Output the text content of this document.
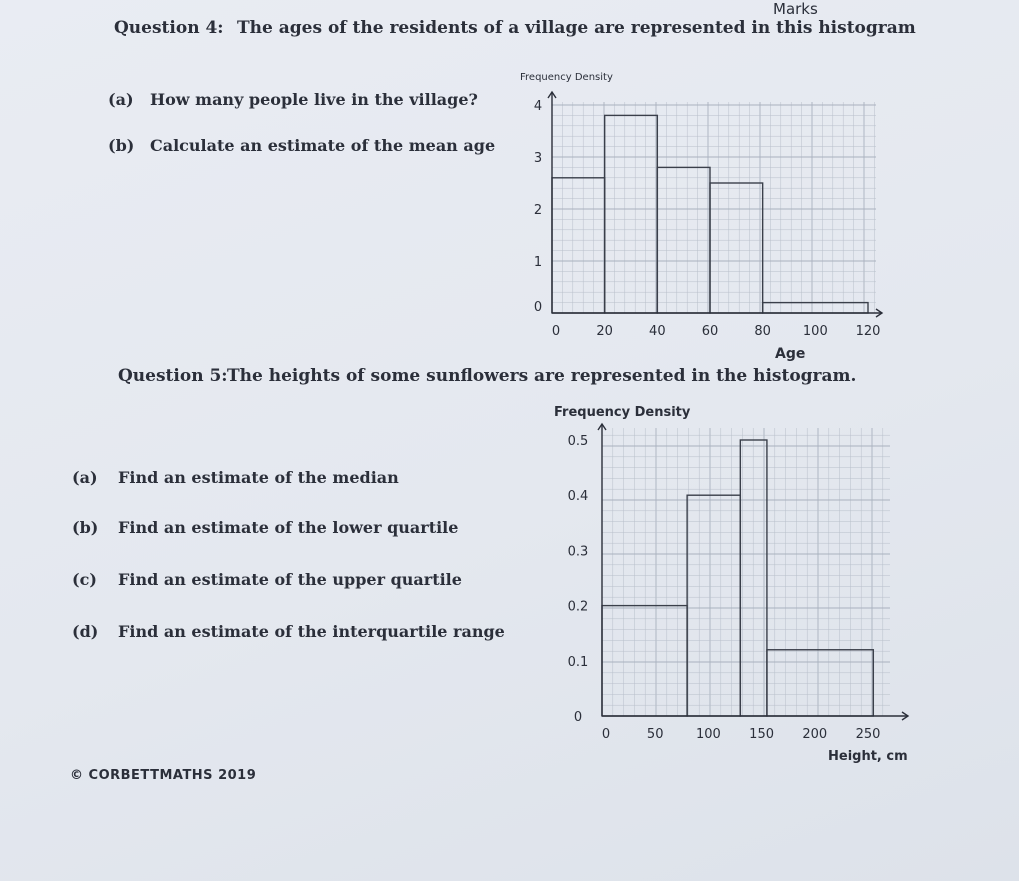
Marks
Question 4: The ages of the residents of a village are represented in this histogram
(a) How many people live in the village?
(b) Calculate an estimate of the mean age
0	20	40	60	80 100 120
0
1
2
3
4
Frequency Density
Age
Question 5: The heights of some sunflowers are represented in the histogram.
(a) Find an estimate of the median
(b) Find an estimate of the lower quartile
(c) Find an estimate of the upper quartile
(d) Find an estimate of the interquartile range
0	50	100 150 200 250
0
0.1
0.2
0.3
0.4
0.5
Frequency Density
Height, cm
© CORBETTMATHS 2019
